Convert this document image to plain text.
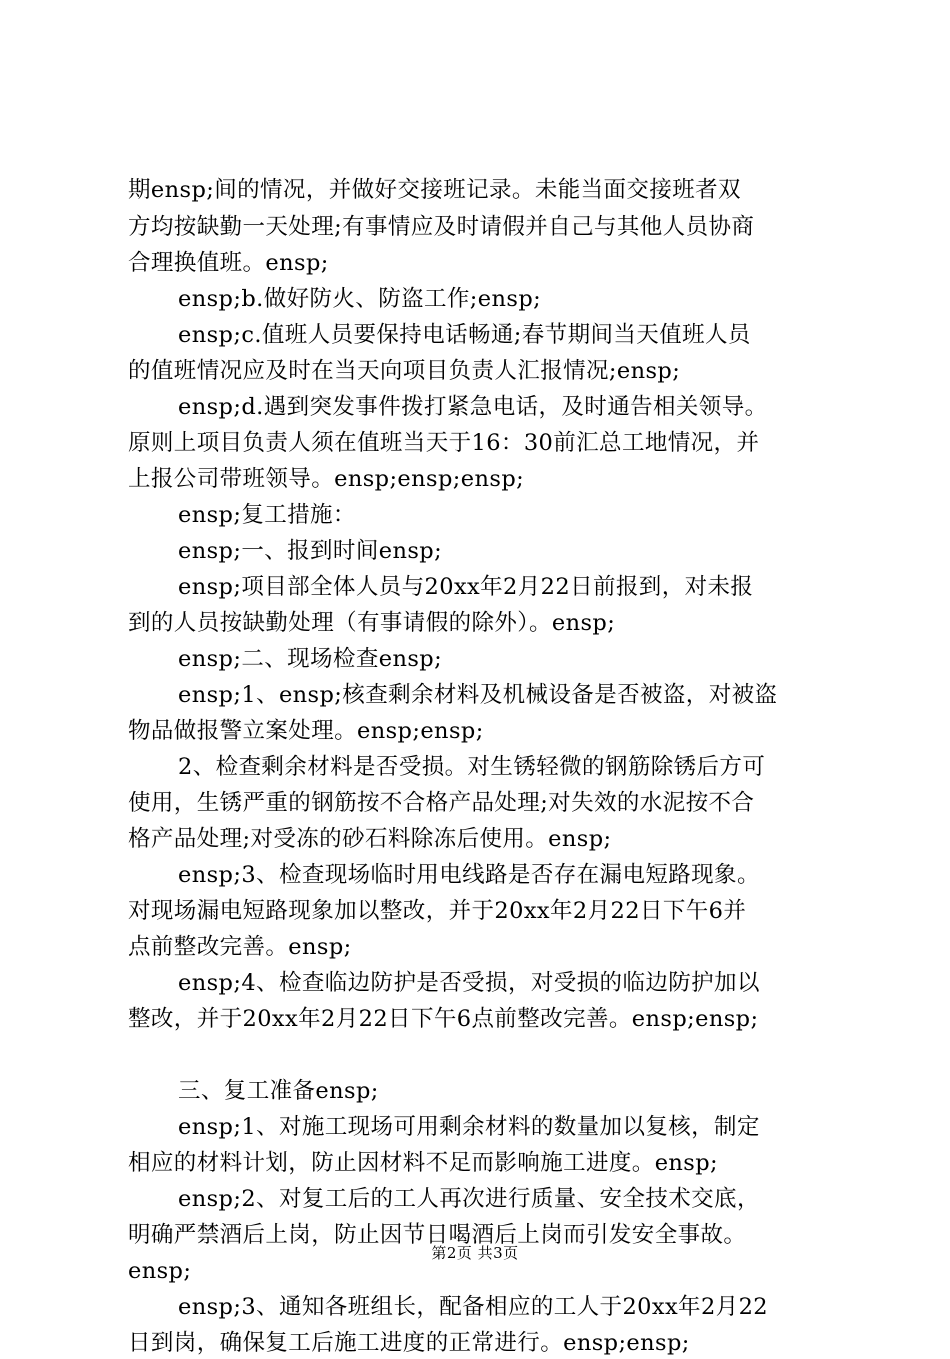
期ensp;间的情况，并做好交接班记录。未能当面交接班者双
方均按缺勤一天处理;有事情应及时请假并自己与其他人员协商
合理换值班。ensp;
ensp;b.做好防火、防盗工作;ensp;
ensp;c.值班人员要保持电话畅通;春节期间当天值班人员
的值班情况应及时在当天向项目负责人汇报情况;ensp;
ensp;d.遇到突发事件拨打紧急电话，及时通告相关领导。
原则上项目负责人须在值班当天于16：30前汇总工地情况，并
上报公司带班领导。ensp;ensp;ensp;
ensp;复工措施：
ensp;一、报到时间ensp;
ensp;项目部全体人员与20xx年2月22日前报到，对未报
到的人员按缺勤处理（有事请假的除外）。ensp;
ensp;二、现场检查ensp;
ensp;1、ensp;核查剩余材料及机械设备是否被盗，对被盗
物品做报警立案处理。ensp;ensp;
2、检查剩余材料是否受损。对生锈轻微的钢筋除锈后方可
使用，生锈严重的钢筋按不合格产品处理;对失效的水泥按不合
格产品处理;对受冻的砂石料除冻后使用。ensp;
ensp;3、检查现场临时用电线路是否存在漏电短路现象。
对现场漏电短路现象加以整改，并于20xx年2月22日下午6并
点前整改完善。ensp;
ensp;4、检查临边防护是否受损，对受损的临边防护加以
整改，并于20xx年2月22日下午6点前整改完善。ensp;ensp;
三、复工准备ensp;
ensp;1、对施工现场可用剩余材料的数量加以复核，制定
相应的材料计划，防止因材料不足而影响施工进度。ensp;
ensp;2、对复工后的工人再次进行质量、安全技术交底，
明确严禁酒后上岗，防止因节日喝酒后上岗而引发安全事故。
ensp;
ensp;3、通知各班组长，配备相应的工人于20xx年2月22
日到岗，确保复工后施工进度的正常进行。ensp;ensp;
第2页 共3页
